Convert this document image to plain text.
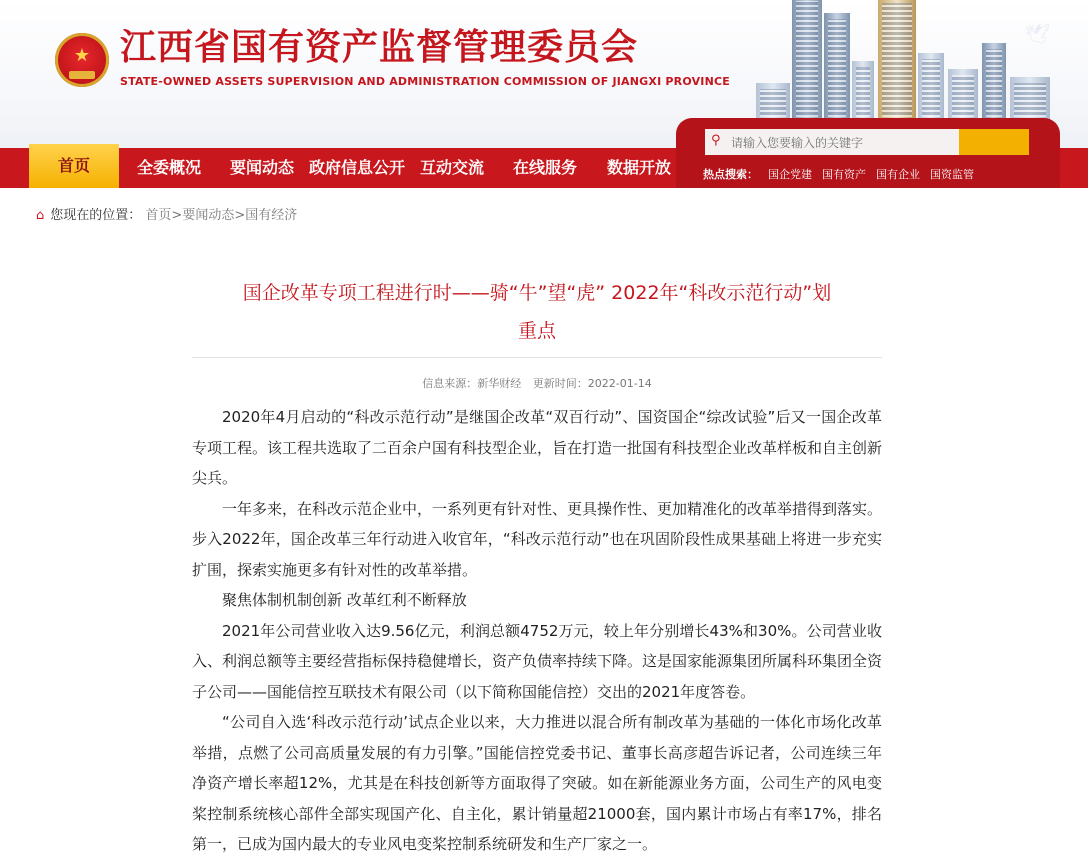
★ 江西省国有资产监督管理委员会
STATE-OWNED ASSETS SUPERVISION AND ADMINISTRATION COMMISSION OF JIANGXI PROVINCE
🕊
首页	全委概况	要闻动态 政府信息公开 互动交流	在线服务	数据开放
⚲
请输入您要输入的关键字
热点搜索： 国企党建 国有资产 国有企业 国资监管
⌂ 您现在的位置： 首页>要闻动态>国有经济
国企改革专项工程进行时——骑“牛”望“虎” 2022年“科改示范行动”划
重点
信息来源：新华财经 更新时间：2022-01-14

2020年4月启动的“科改示范行动”是继国企改革“双百行动”、国资国企“综改试验”后又一国企改革专项工程。该工程共选取了二百余户国有科技型企业，旨在打造一批国有科技型企业改革样板和自主创新尖兵。

一年多来，在科改示范企业中，一系列更有针对性、更具操作性、更加精准化的改革举措得到落实。步入2022年，国企改革三年行动进入收官年，“科改示范行动”也在巩固阶段性成果基础上将进一步充实扩围，探索实施更多有针对性的改革举措。

聚焦体制机制创新 改革红利不断释放

2021年公司营业收入达9.56亿元，利润总额4752万元，较上年分别增长43%和30%。公司营业收入、利润总额等主要经营指标保持稳健增长，资产负债率持续下降。这是国家能源集团所属科环集团全资子公司——国能信控互联技术有限公司（以下简称国能信控）交出的2021年度答卷。

“公司自入选‘科改示范行动’试点企业以来，大力推进以混合所有制改革为基础的一体化市场化改革举措，点燃了公司高质量发展的有力引擎。”国能信控党委书记、董事长高彦超告诉记者，公司连续三年净资产增长率超12%，尤其是在科技创新等方面取得了突破。如在新能源业务方面，公司生产的风电变桨控制系统核心部件全部实现国产化、自主化，累计销量超21000套，国内累计市场占有率17%，排名第一，已成为国内最大的专业风电变桨控制系统研发和生产厂家之一。
